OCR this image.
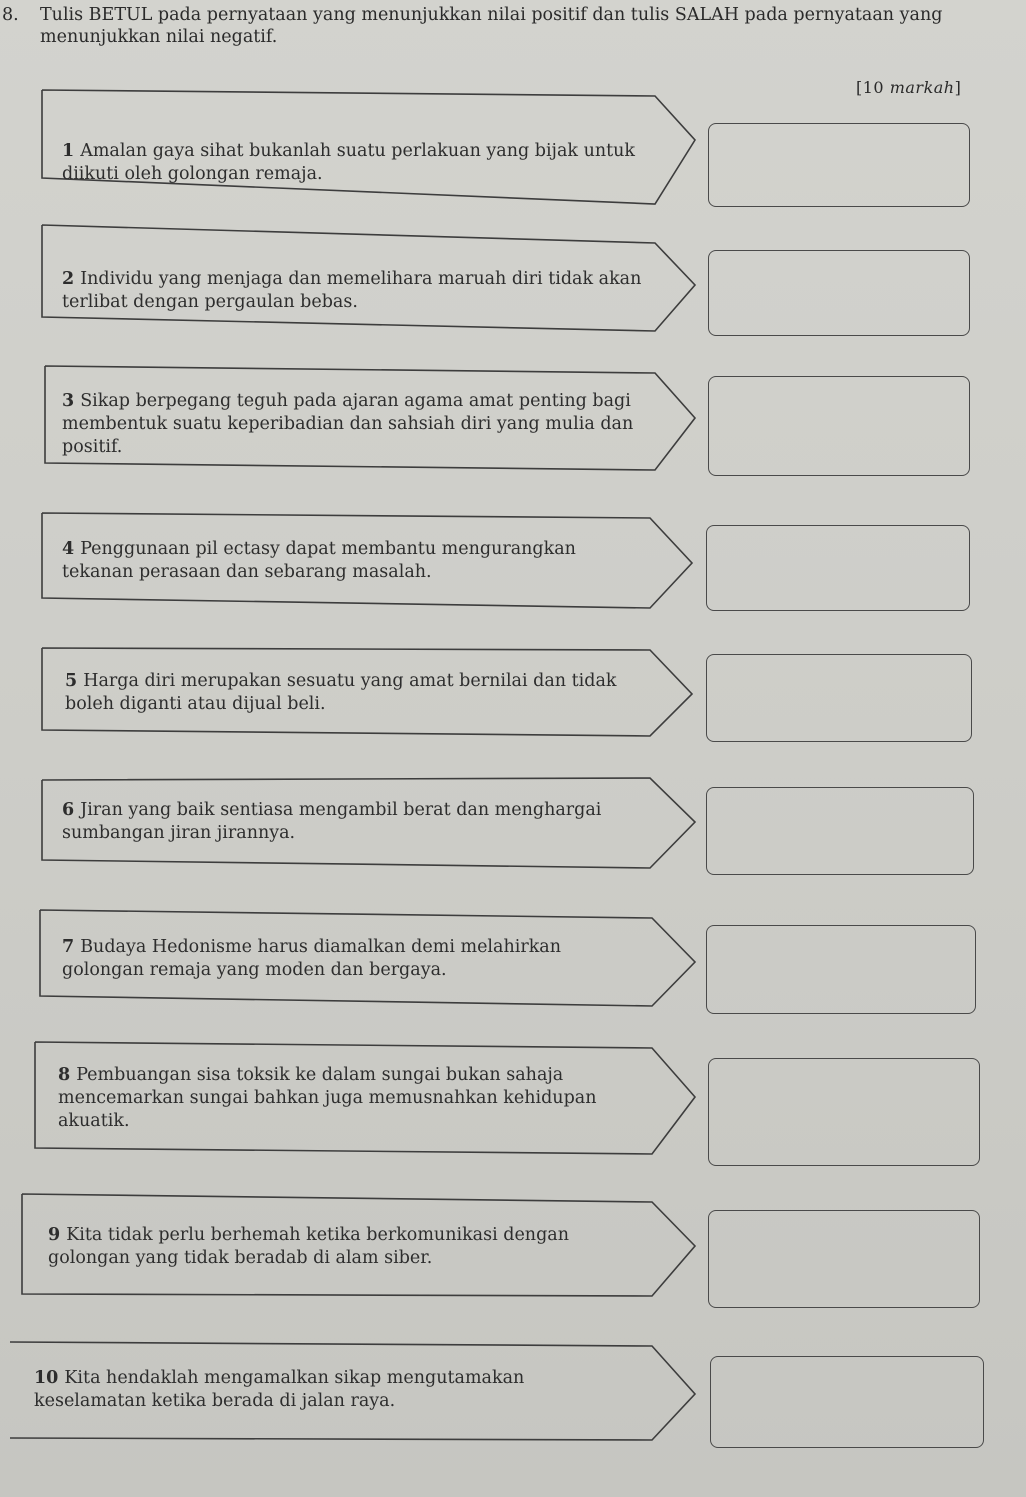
8. Tulis BETUL pada pernyataan yang menunjukkan nilai positif dan tulis SALAH pada pernyataan yang menunjukkan nilai negatif.
[10 markah]
1 Amalan gaya sihat bukanlah suatu perlakuan yang bijak untuk diikuti oleh golongan remaja.
2 Individu yang menjaga dan memelihara maruah diri tidak akan terlibat dengan pergaulan bebas.
3 Sikap berpegang teguh pada ajaran agama amat penting bagi membentuk suatu keperibadian dan sahsiah diri yang mulia dan positif.
4 Penggunaan pil ectasy dapat membantu mengurangkan tekanan perasaan dan sebarang masalah.
5 Harga diri merupakan sesuatu yang amat bernilai dan tidak boleh diganti atau dijual beli.
6 Jiran yang baik sentiasa mengambil berat dan menghargai sumbangan jiran jirannya.
7 Budaya Hedonisme harus diamalkan demi melahirkan golongan remaja yang moden dan bergaya.
8 Pembuangan sisa toksik ke dalam sungai bukan sahaja mencemarkan sungai bahkan juga memusnahkan kehidupan akuatik.
9 Kita tidak perlu berhemah ketika berkomunikasi dengan golongan yang tidak beradab di alam siber.
10 Kita hendaklah mengamalkan sikap mengutamakan keselamatan ketika berada di jalan raya.
